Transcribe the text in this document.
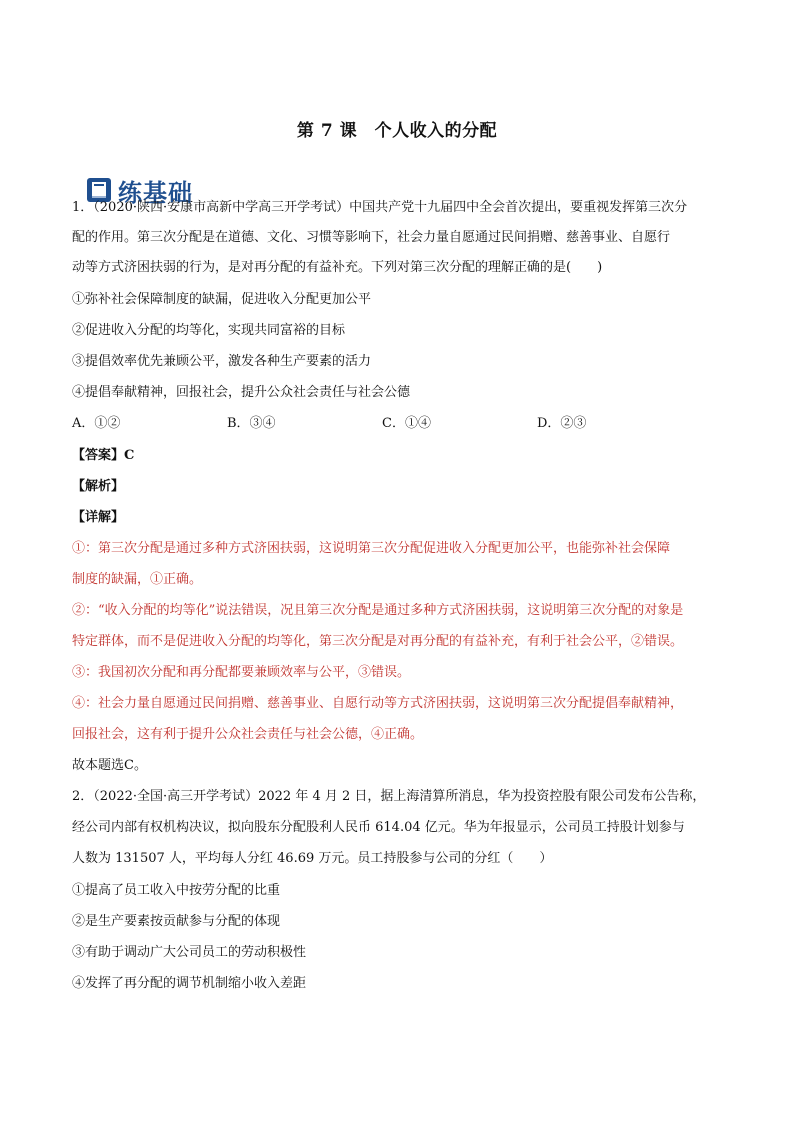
第 7 课　个人收入的分配
练基础
1．（2020·陕西·安康市高新中学高三开学考试）中国共产党十九届四中全会首次提出，要重视发挥第三次分
配的作用。第三次分配是在道德、文化、习惯等影响下，社会力量自愿通过民间捐赠、慈善事业、自愿行
动等方式济困扶弱的行为，是对再分配的有益补充。下列对第三次分配的理解正确的是(　　)
①弥补社会保障制度的缺漏，促进收入分配更加公平
②促进收入分配的均等化，实现共同富裕的目标
③提倡效率优先兼顾公平，激发各种生产要素的活力
④提倡奉献精神，回报社会，提升公众社会责任与社会公德
A．①②	B．③④	C．①④	D．②③
【答案】C
【解析】
【详解】
①：第三次分配是通过多种方式济困扶弱，这说明第三次分配促进收入分配更加公平，也能弥补社会保障
制度的缺漏，①正确。
②：“收入分配的均等化”说法错误，况且第三次分配是通过多种方式济困扶弱，这说明第三次分配的对象是
特定群体，而不是促进收入分配的均等化，第三次分配是对再分配的有益补充，有利于社会公平，②错误。
③：我国初次分配和再分配都要兼顾效率与公平，③错误。
④：社会力量自愿通过民间捐赠、慈善事业、自愿行动等方式济困扶弱，这说明第三次分配提倡奉献精神，
回报社会，这有利于提升公众社会责任与社会公德，④正确。
故本题选C。
2．（2022·全国·高三开学考试）2022 年 4 月 2 日，据上海清算所消息，华为投资控股有限公司发布公告称，
经公司内部有权机构决议，拟向股东分配股利人民币 614.04 亿元。华为年报显示，公司员工持股计划参与
人数为 131507 人，平均每人分红 46.69 万元。员工持股参与公司的分红（　　）
①提高了员工收入中按劳分配的比重
②是生产要素按贡献参与分配的体现
③有助于调动广大公司员工的劳动积极性
④发挥了再分配的调节机制缩小收入差距
